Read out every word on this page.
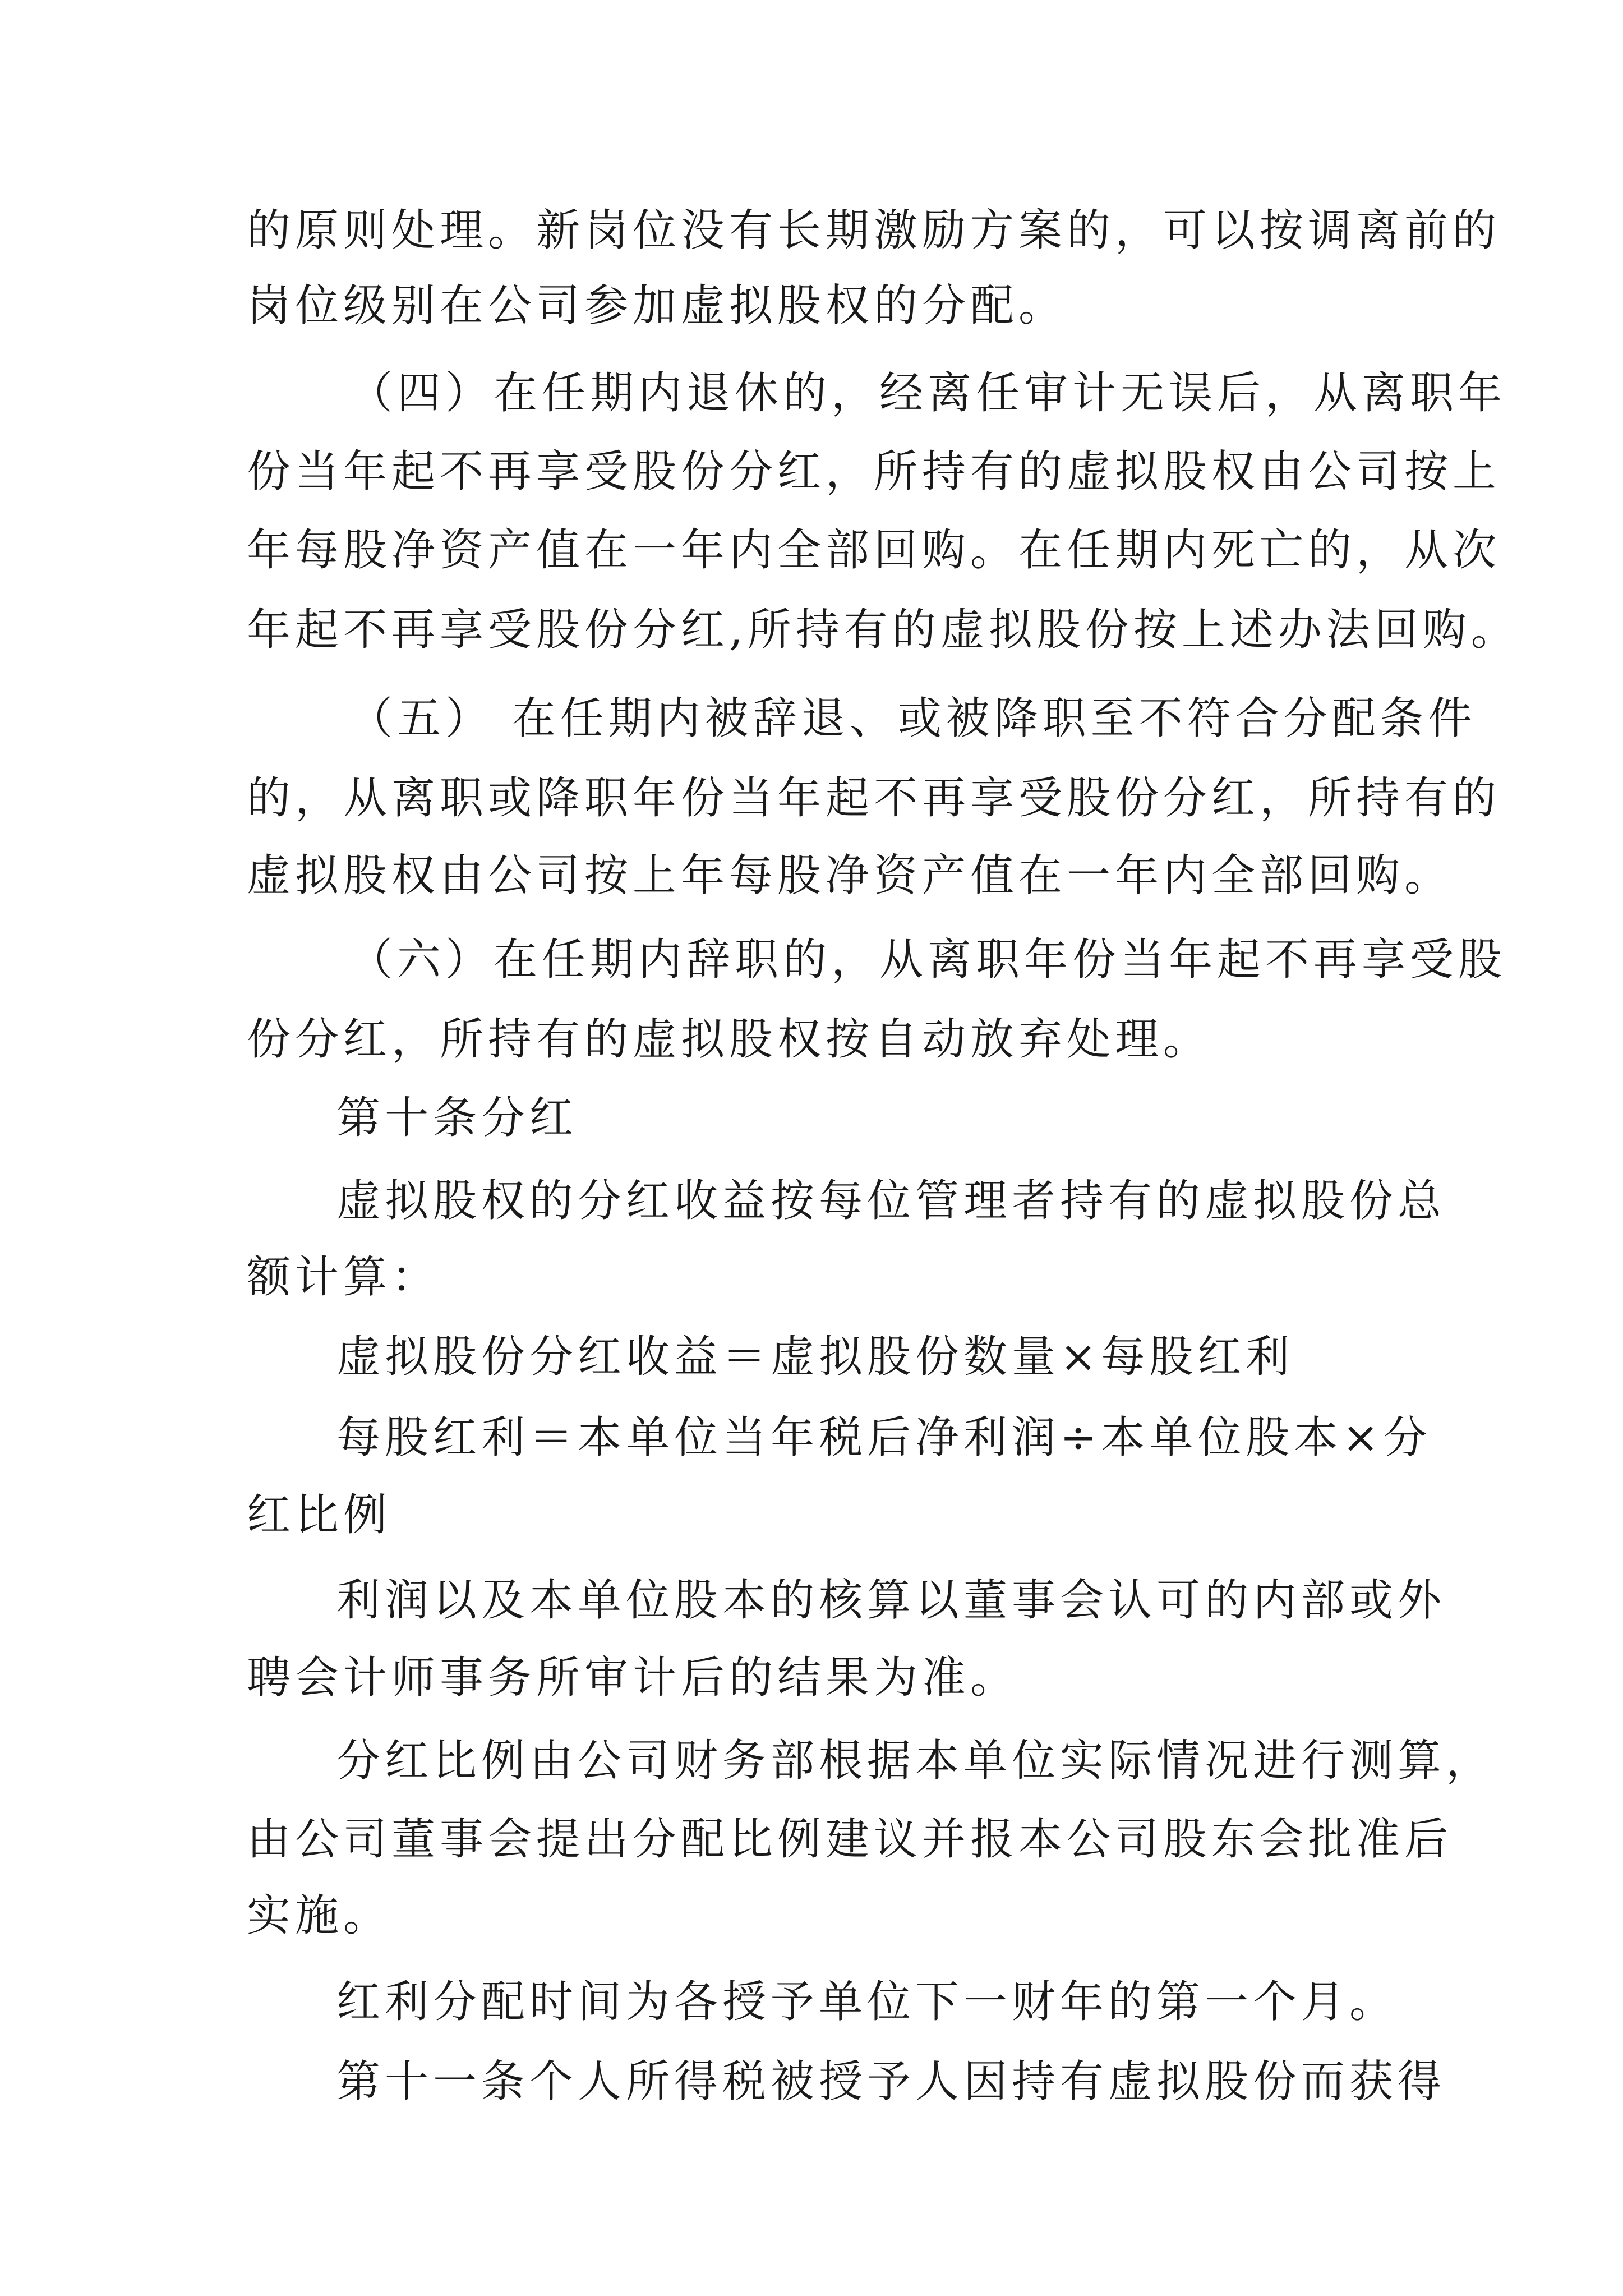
的原则处理。新岗位没有长期激励方案的，可以按调离前的
岗位级别在公司参加虚拟股权的分配。
（四）在任期内退休的，经离任审计无误后，从离职年
份当年起不再享受股份分红，所持有的虚拟股权由公司按上
年每股净资产值在一年内全部回购。在任期内死亡的，从次
年起不再享受股份分红,所持有的虚拟股份按上述办法回购。
（五） 在任期内被辞退、或被降职至不符合分配条件
的，从离职或降职年份当年起不再享受股份分红，所持有的
虚拟股权由公司按上年每股净资产值在一年内全部回购。
（六）在任期内辞职的，从离职年份当年起不再享受股
份分红，所持有的虚拟股权按自动放弃处理。
第十条分红
虚拟股权的分红收益按每位管理者持有的虚拟股份总
额计算：
虚拟股份分红收益＝虚拟股份数量×每股红利
每股红利＝本单位当年税后净利润÷本单位股本×分
红比例
利润以及本单位股本的核算以董事会认可的内部或外
聘会计师事务所审计后的结果为准。
分红比例由公司财务部根据本单位实际情况进行测算，
由公司董事会提出分配比例建议并报本公司股东会批准后
实施。
红利分配时间为各授予单位下一财年的第一个月。
第十一条个人所得税被授予人因持有虚拟股份而获得
